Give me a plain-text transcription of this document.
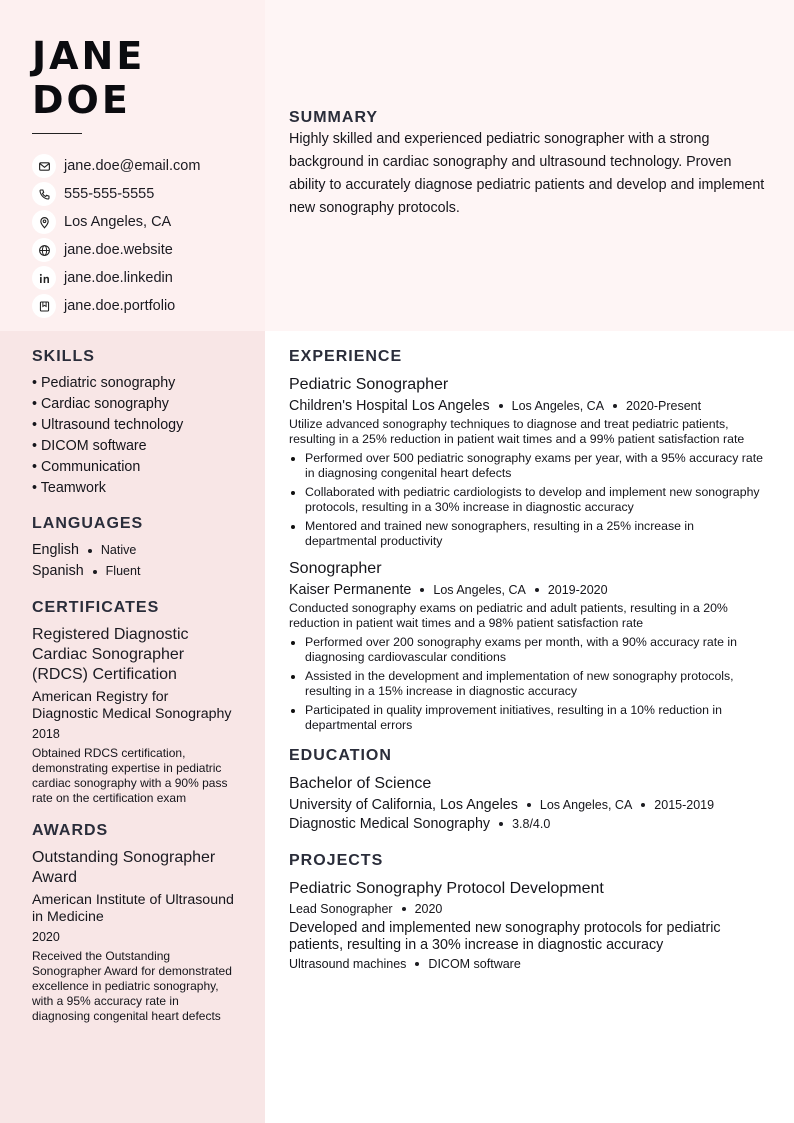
JANE
DOE
jane.doe@email.com
555-555-5555
Los Angeles, CA
jane.doe.website
jane.doe.linkedin
jane.doe.portfolio
SUMMARY
Highly skilled and experienced pediatric sonographer with a strong background in cardiac sonography and ultrasound technology. Proven ability to accurately diagnose pediatric patients and develop and implement new sonography protocols.
SKILLS
• Pediatric sonography
• Cardiac sonography
• Ultrasound technology
• DICOM software
• Communication
• Teamwork
LANGUAGES
English Native
Spanish Fluent
CERTIFICATES
Registered Diagnostic Cardiac Sonographer (RDCS) Certification
American Registry for Diagnostic Medical Sonography
2018
Obtained RDCS certification, demonstrating expertise in pediatric cardiac sonography with a 90% pass rate on the certification exam
AWARDS
Outstanding Sonographer Award
American Institute of Ultrasound in Medicine
2020
Received the Outstanding Sonographer Award for demonstrated excellence in pediatric sonography, with a 95% accuracy rate in diagnosing congenital heart defects
EXPERIENCE
Pediatric Sonographer
Children's Hospital Los Angeles Los Angeles, CA 2020-Present
Utilize advanced sonography techniques to diagnose and treat pediatric patients, resulting in a 25% reduction in patient wait times and a 99% patient satisfaction rate
Performed over 500 pediatric sonography exams per year, with a 95% accuracy rate in diagnosing congenital heart defects
Collaborated with pediatric cardiologists to develop and implement new sonography protocols, resulting in a 30% increase in diagnostic accuracy
Mentored and trained new sonographers, resulting in a 25% increase in departmental productivity
Sonographer
Kaiser Permanente Los Angeles, CA 2019-2020
Conducted sonography exams on pediatric and adult patients, resulting in a 20% reduction in patient wait times and a 98% patient satisfaction rate
Performed over 200 sonography exams per month, with a 90% accuracy rate in diagnosing cardiovascular conditions
Assisted in the development and implementation of new sonography protocols, resulting in a 15% increase in diagnostic accuracy
Participated in quality improvement initiatives, resulting in a 10% reduction in departmental errors
EDUCATION
Bachelor of Science
University of California, Los Angeles Los Angeles, CA 2015-2019
Diagnostic Medical Sonography 3.8/4.0
PROJECTS
Pediatric Sonography Protocol Development
Lead Sonographer 2020
Developed and implemented new sonography protocols for pediatric patients, resulting in a 30% increase in diagnostic accuracy
Ultrasound machines DICOM software
